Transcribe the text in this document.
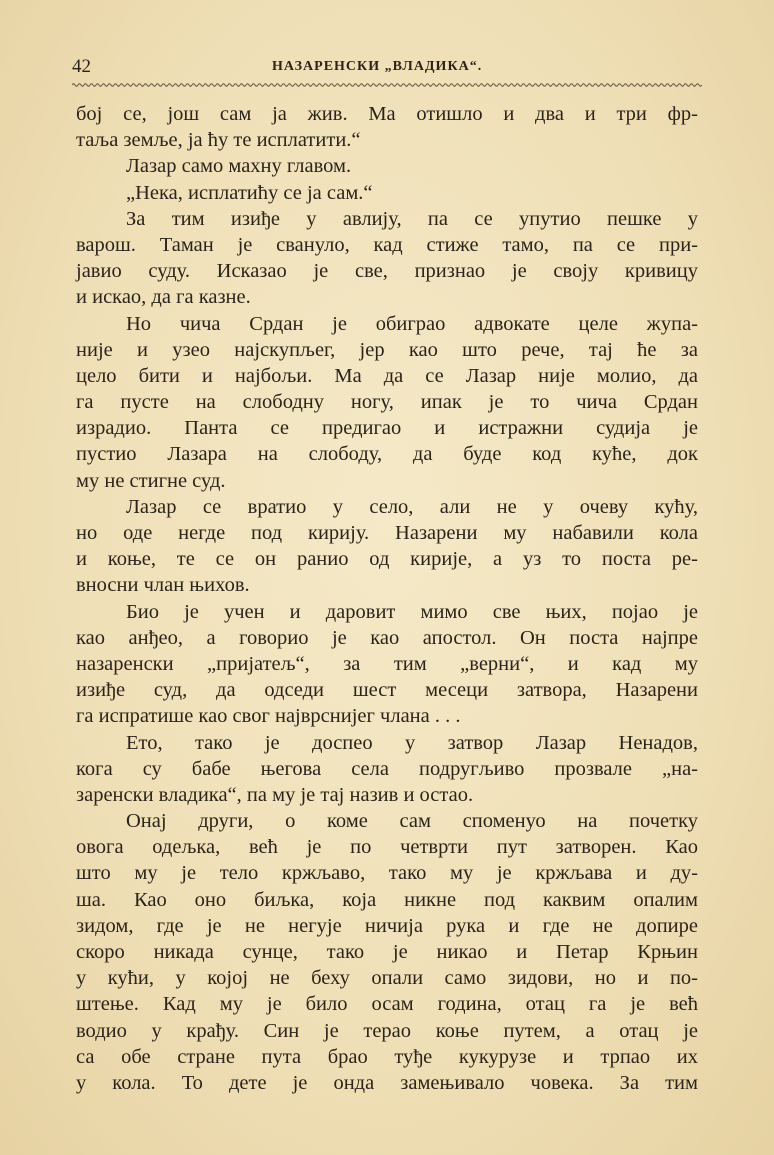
42	НАЗАРЕНСКИ „ВЛАДИКА“.
бој се, још сам ја жив. Ма отишло и два и три фр-
таља земље, ја ћу те исплатити.“
Лазар само махну главом.
„Нека, исплатићу се ја сам.“
За тим изиђе у авлију, па се упутио пешке у
варош. Таман је свануло, кад стиже тамо, па се при-
јавио суду. Исказао је све, признао је своју кривицу
и искао, да га казне.
Но чича Срдан је обиграо адвокате целе жупа-
није и узео најскупљег, јер као што рече, тај ће за
цело бити и најбољи. Ма да се Лазар није молио, да
га пусте на слободну ногу, ипак је то чича Срдан
израдио. Панта се предигао и истражни судија је
пустио Лазара на слободу, да буде код куће, док
му не стигне суд.
Лазар се вратио у село, али не у очеву кућу,
но оде негде под кирију. Назарени му набавили кола
и коње, те се он ранио од кирије, а уз то поста ре-
вносни члан њихов.
Био је учен и даровит мимо све њих, појао је
као анђео, а говорио је као апостол. Он поста најпре
назаренски „пријатељ“, за тим „верни“, и кад му
изиђе суд, да одседи шест месеци затвора, Назарени
га испратише као свог најврснијег члана . . .
Ето, тако је доспео у затвор Лазар Ненадов,
кога су бабе његова села подругљиво прозвале „на-
заренски владика“, па му је тај назив и остао.
Онај други, о коме сам споменуо на почетку
овога одељка, већ је по четврти пут затворен. Као
што му је тело кржљаво, тако му је кржљава и ду-
ша. Као оно биљка, која никне под каквим опалим
зидом, где је не негује ничија рука и где не допире
скоро никада сунце, тако је никао и Петар Крњин
у кући, у којој не беху опали само зидови, но и по-
штење. Кад му је било осам година, отац га је већ
водио у крађу. Син је терао коње путем, а отац је
са обе стране пута брао туђе кукурузе и трпао их
у кола. То дете је онда замењивало човека. За тим
